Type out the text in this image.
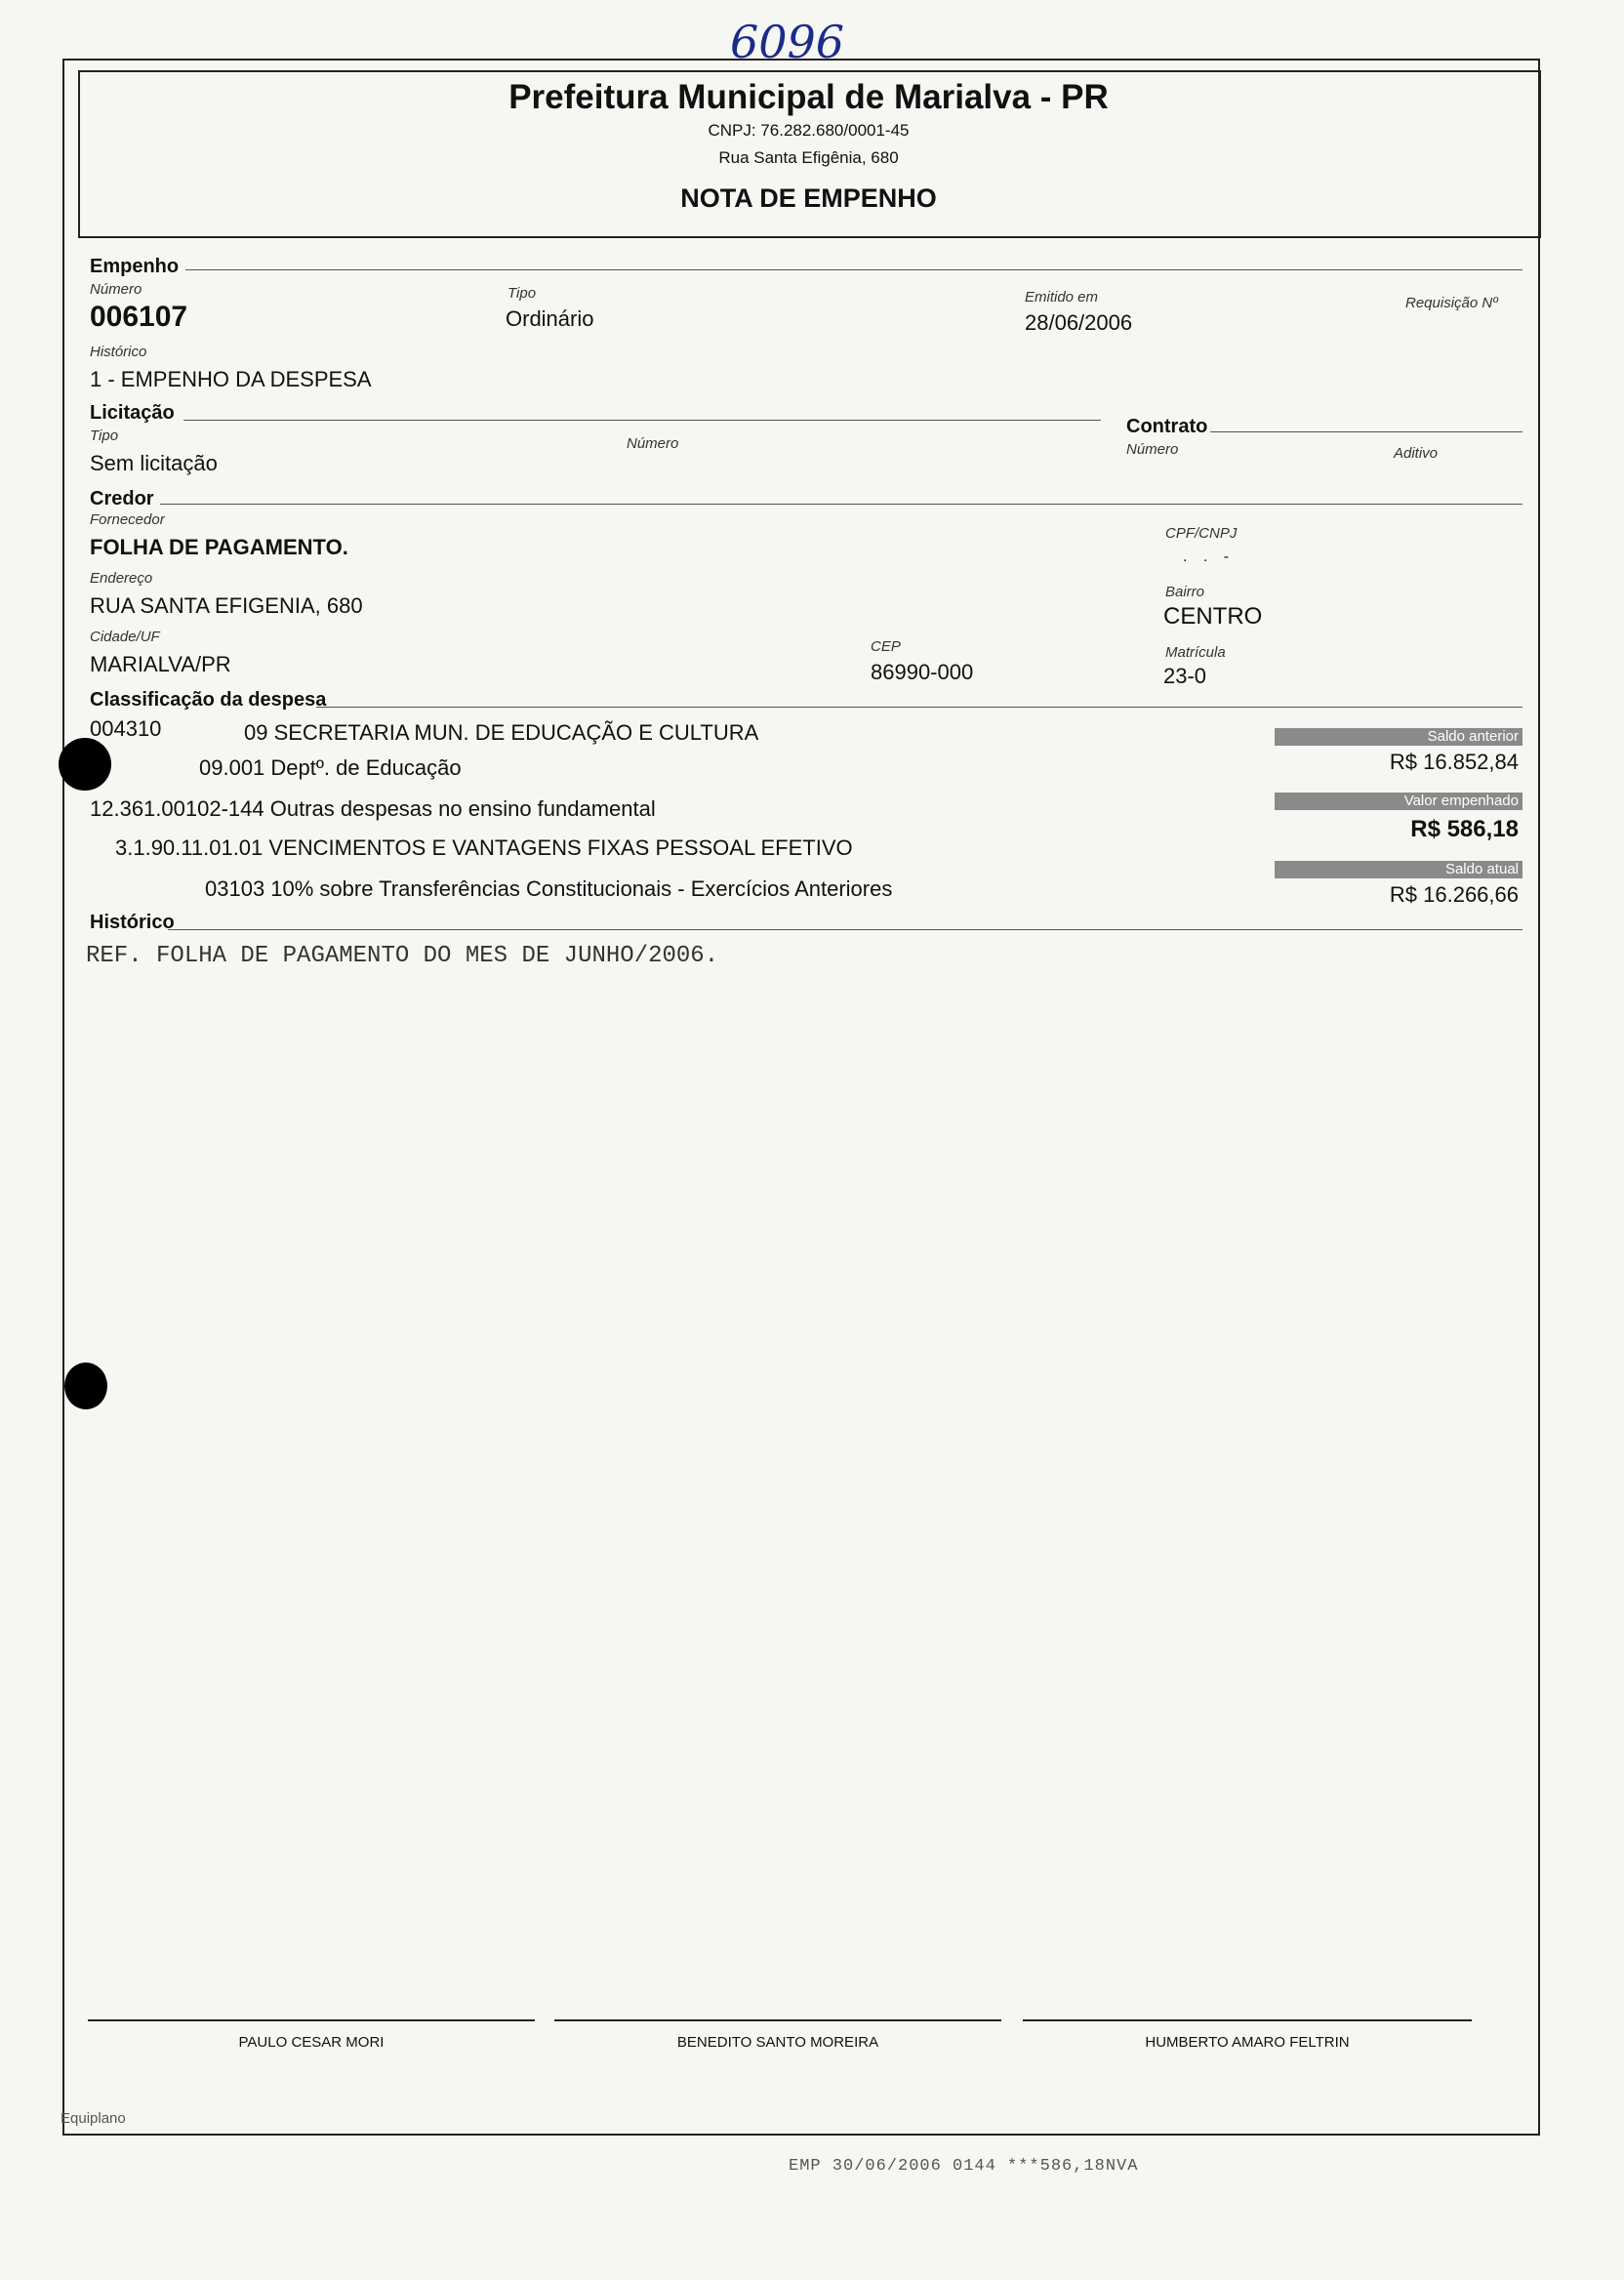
6096
Prefeitura Municipal de Marialva - PR
CNPJ: 76.282.680/0001-45
Rua Santa Efigênia, 680
NOTA DE EMPENHO
Empenho
Número
006107
Tipo
Ordinário
Emitido em
28/06/2006
Requisição Nº
Histórico
1 - EMPENHO DA DESPESA
Licitação
Tipo
Sem licitação
Número
Contrato
Número	Aditivo
Credor
Fornecedor
FOLHA DE PAGAMENTO.
CPF/CNPJ
. . -
Endereço
RUA SANTA EFIGENIA, 680
Bairro
CENTRO
Cidade/UF
MARIALVA/PR
CEP
86990-000
Matrícula
23-0
Classificação da despesa
004310	09 SECRETARIA MUN. DE EDUCAÇÃO E CULTURA
09.001 Deptº. de Educação
12.361.00102-144 Outras despesas no ensino fundamental
3.1.90.11.01.01 VENCIMENTOS E VANTAGENS FIXAS PESSOAL EFETIVO
03103 10% sobre Transferências Constitucionais - Exercícios Anteriores
Saldo anterior
R$ 16.852,84
Valor empenhado
R$ 586,18
Saldo atual
R$ 16.266,66
Histórico
REF. FOLHA DE PAGAMENTO DO MES DE JUNHO/2006.
PAULO CESAR MORI	BENEDITO SANTO MOREIRA	HUMBERTO AMARO FELTRIN
Equiplano
EMP 30/06/2006 0144 ***586,18NVA
